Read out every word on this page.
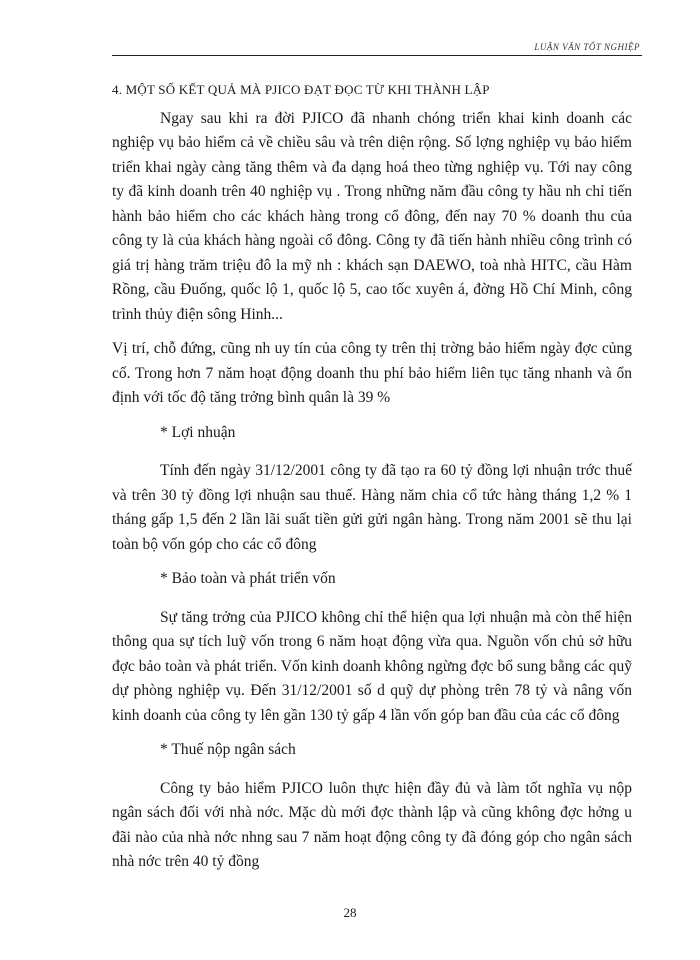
LUẬN VĂN TỐT NGHIỆP
4. MỘT SỐ KẾT QUẢ MÀ PJICO ĐẠT ĐỌC TỪ KHI THÀNH LẬP

Ngay sau khi ra đời PJICO đã nhanh chóng triển khai kinh doanh các nghiệp vụ bảo hiểm cả về chiều sâu và trên diện rộng. Số lợng nghiệp vụ bảo hiểm triển khai ngày càng tăng thêm và đa dạng hoá theo từng nghiệp vụ. Tới nay công ty đã kinh doanh trên 40 nghiệp vụ . Trong những năm đầu công ty hầu nh chỉ tiến hành bảo hiểm cho các khách hàng trong cổ đông, đến nay 70 % doanh thu của công ty là của khách hàng ngoài cổ đông. Công ty đã tiến hành nhiều công trình có giá trị hàng trăm triệu đô la mỹ nh : khách sạn DAEWO, toà nhà HITC, cầu Hàm Rồng, cầu Đuống, quốc lộ 1, quốc lộ 5, cao tốc xuyên á, đờng Hồ Chí Minh, công trình thủy điện sông Hinh...

Vị trí, chỗ đứng, cũng nh uy tín của công ty trên thị trờng bảo hiểm ngày đợc củng cố. Trong hơn 7 năm hoạt động doanh thu phí bảo hiểm liên tục tăng nhanh và ổn định với tốc độ tăng trởng bình quân là 39 %

* Lợi nhuận

Tính đến ngày 31/12/2001 công ty đã tạo ra 60 tỷ đồng lợi nhuận trớc thuế và trên 30 tỷ đồng lợi nhuận sau thuế. Hàng năm chia cổ tức hàng tháng 1,2 % 1 tháng gấp 1,5 đến 2 lần lãi suất tiền gửi gửi ngân hàng. Trong năm 2001 sẽ thu lại toàn bộ vốn góp cho các cổ đông

* Bảo toàn và phát triển vốn

Sự tăng trởng của PJICO không chỉ thể hiện qua lợi nhuận mà còn thể hiện thông qua sự tích luỹ vốn trong 6 năm hoạt động vừa qua. Nguồn vốn chủ sở hữu đợc bảo toàn và phát triển. Vốn kinh doanh không ngừng đợc bổ sung bằng các quỹ dự phòng nghiệp vụ. Đến 31/12/2001 số d quỹ dự phòng trên 78 tỷ và nâng vốn kinh doanh của công ty lên gần 130 tỷ gấp 4 lần vốn góp ban đầu của các cổ đông

* Thuế nộp ngân sách

Công ty bảo hiểm PJICO luôn thực hiện đầy đủ và làm tốt nghĩa vụ nộp ngân sách đối với nhà nớc. Mặc dù mới đợc thành lập và cũng không đợc hởng u đãi nào của nhà nớc nhng sau 7 năm hoạt động công ty đã đóng góp cho ngân sách nhà nớc trên 40 tỷ đồng

28
